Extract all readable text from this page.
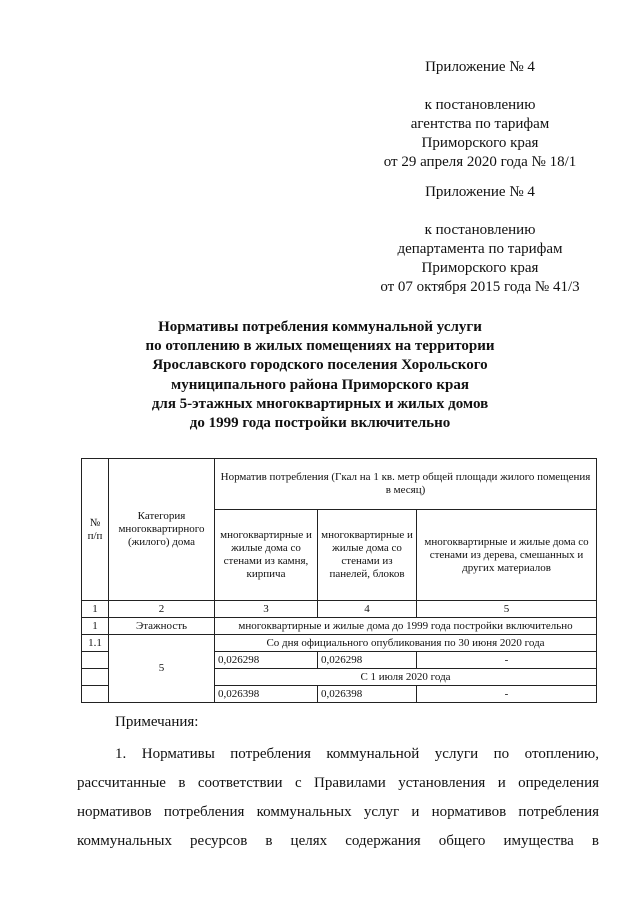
Приложение № 4
к постановлению
агентства по тарифам
Приморского края
от 29 апреля 2020 года № 18/1
Приложение № 4
к постановлению
департамента по тарифам
Приморского края
от 07 октября 2015 года № 41/3
Нормативы потребления коммунальной услуги
по отоплению в жилых помещениях на территории
Ярославского городского поселения Хорольского
муниципального района Приморского края
для 5-этажных многоквартирных и жилых домов
до 1999 года постройки включительно
№ п/п	Категория многоквартирного (жилого) дома	Норматив потребления (Гкал на 1 кв. метр общей площади жилого помещения в месяц)		
		многоквартирные и жилые дома со стенами из камня, кирпича	многоквартирные и жилые дома со стенами из панелей, блоков	многоквартирные и жилые дома со стенами из дерева, смешанных и других материалов
1	2	3	4	5
1	Этажность	многоквартирные и жилые дома до 1999 года постройки включительно		
1.1	5	Со дня официального опубликования по 30 июня 2020 года		
		0,026298	0,026298	-
		С 1 июля 2020 года		
		0,026398	0,026398	-
Примечания:
1. Нормативы потребления коммунальной услуги по отоплению,
рассчитанные в соответствии с Правилами установления и определения
нормативов потребления коммунальных услуг и нормативов потребления
коммунальных ресурсов в целях содержания общего имущества в
